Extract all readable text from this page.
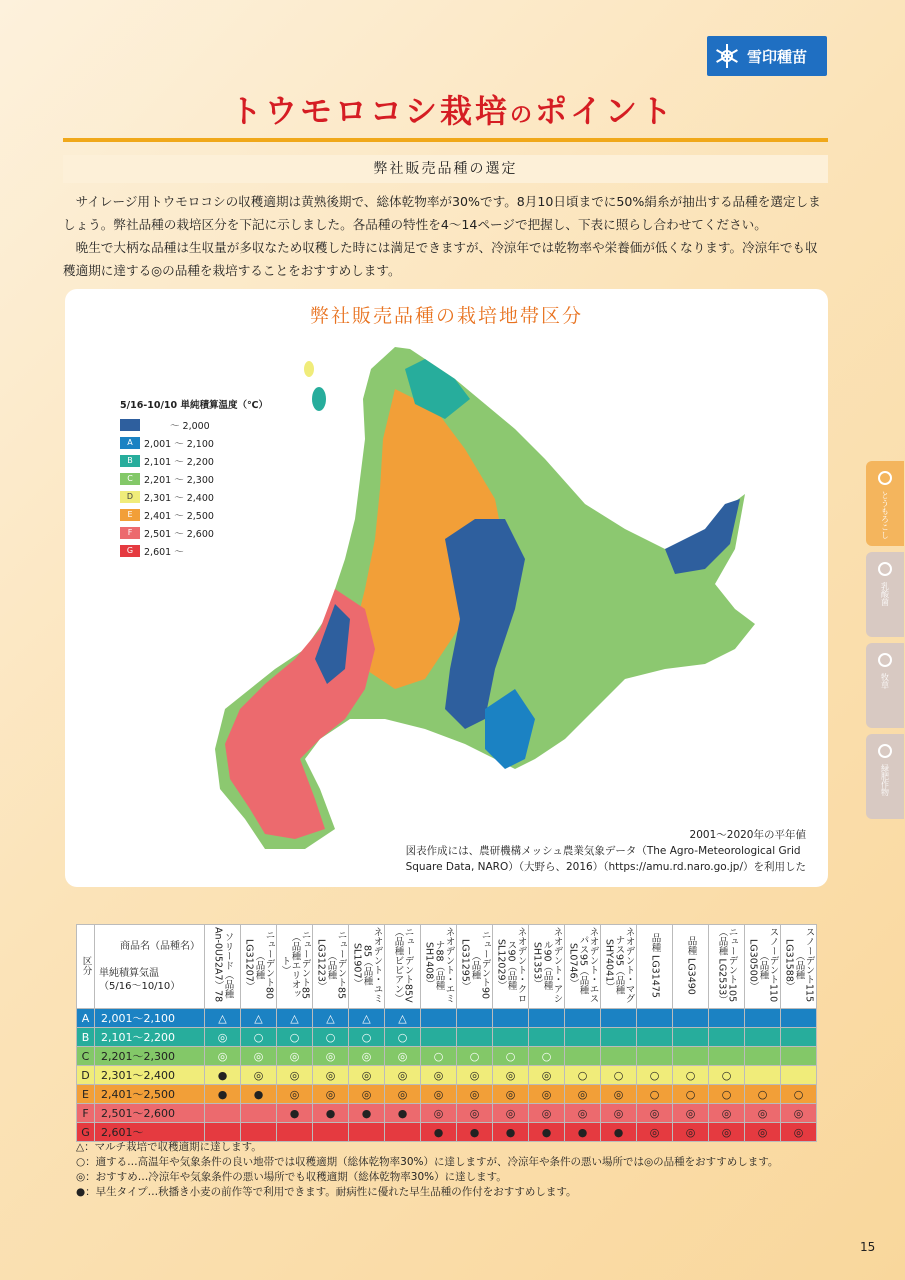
雪印種苗
トウモロコシ栽培のポイント
弊社販売品種の選定

サイレージ用トウモロコシの収穫適期は黄熟後期で、総体乾物率が30%です。8月10日頃までに50%絹糸が抽出する品種を選定しましょう。弊社品種の栽培区分を下記に示しました。各品種の特性を4〜14ページで把握し、下表に照らし合わせてください。

晩生で大柄な品種は生収量が多収なため収穫した時には満足できますが、冷涼年では乾物率や栄養価が低くなります。冷涼年でも収穫適期に達する◎の品種を栽培することをおすすめします。

弊社販売品種の栽培地帯区分
5/16-10/10 単純積算温度（℃）
〜 2,000
A	2,001 〜 2,100
B	2,101 〜 2,200
C	2,201 〜 2,300
D	2,301 〜 2,400
E	2,401 〜 2,500
F	2,501 〜 2,600
G	2,601 〜
2001〜2020年の平年値
図表作成には、農研機構メッシュ農業気象データ（The Agro-Meteorological Grid
Square Data, NARO）（大野ら、2016）（https://amu.rd.naro.go.jp/）を利用した
区分	商品名（品種名）
単純積算気温（5/16〜10/10）	ソリード（品種 An-0U52A7）78	ニューデント80（品種 LG31207）	ニューデント85（品種エリオット）	ニューデント85（品種 LG31223）	ネオデント・ユミ85（品種 SL1907）	ニューデント85V（品種ビビアン）	ネオデント・エミナ88（品種 SH1408）	ニューデント90（品種 LG31295）	ネオデント・クロス90（品種 SL12029）	ネオデント・アシル90（品種 SH1353）	ネオデント・エスパス95（品種 SL0746）	ネオデント・マグナス95（品種 SHY4041）	品種 LG31475	品種 LG3490	ニューデント105（品種 LG2533）	スノーデント110（品種 LG30500）	スノーデント115（品種 LG31588）
A	2,001〜2,100	△	△	△	△	△	△											
B	2,101〜2,200	◎	○	○	○	○	○											
C	2,201〜2,300	◎	◎	◎	◎	◎	◎	○	○	○	○							
D	2,301〜2,400	●	◎	◎	◎	◎	◎	◎	◎	◎	◎	○	○	○	○	○		
E	2,401〜2,500	●	●	◎	◎	◎	◎	◎	◎	◎	◎	◎	◎	○	○	○	○	○
F	2,501〜2,600			●	●	●	●	◎	◎	◎	◎	◎	◎	◎	◎	◎	◎	◎
G	2,601〜							●	●	●	●	●	●	◎	◎	◎	◎	◎
△：マルチ栽培で収穫適期に達します。
○：適する…高温年や気象条件の良い地帯では収穫適期（総体乾物率30%）に達しますが、冷涼年や条件の悪い場所では◎の品種をおすすめします。
◎：おすすめ…冷涼年や気象条件の悪い場所でも収穫適期（総体乾物率30%）に達します。
●：早生タイプ…秋播き小麦の前作等で利用できます。耐病性に優れた早生品種の作付をおすすめします。
とうもろこし
乳酸菌
牧草
緑肥作物
15
